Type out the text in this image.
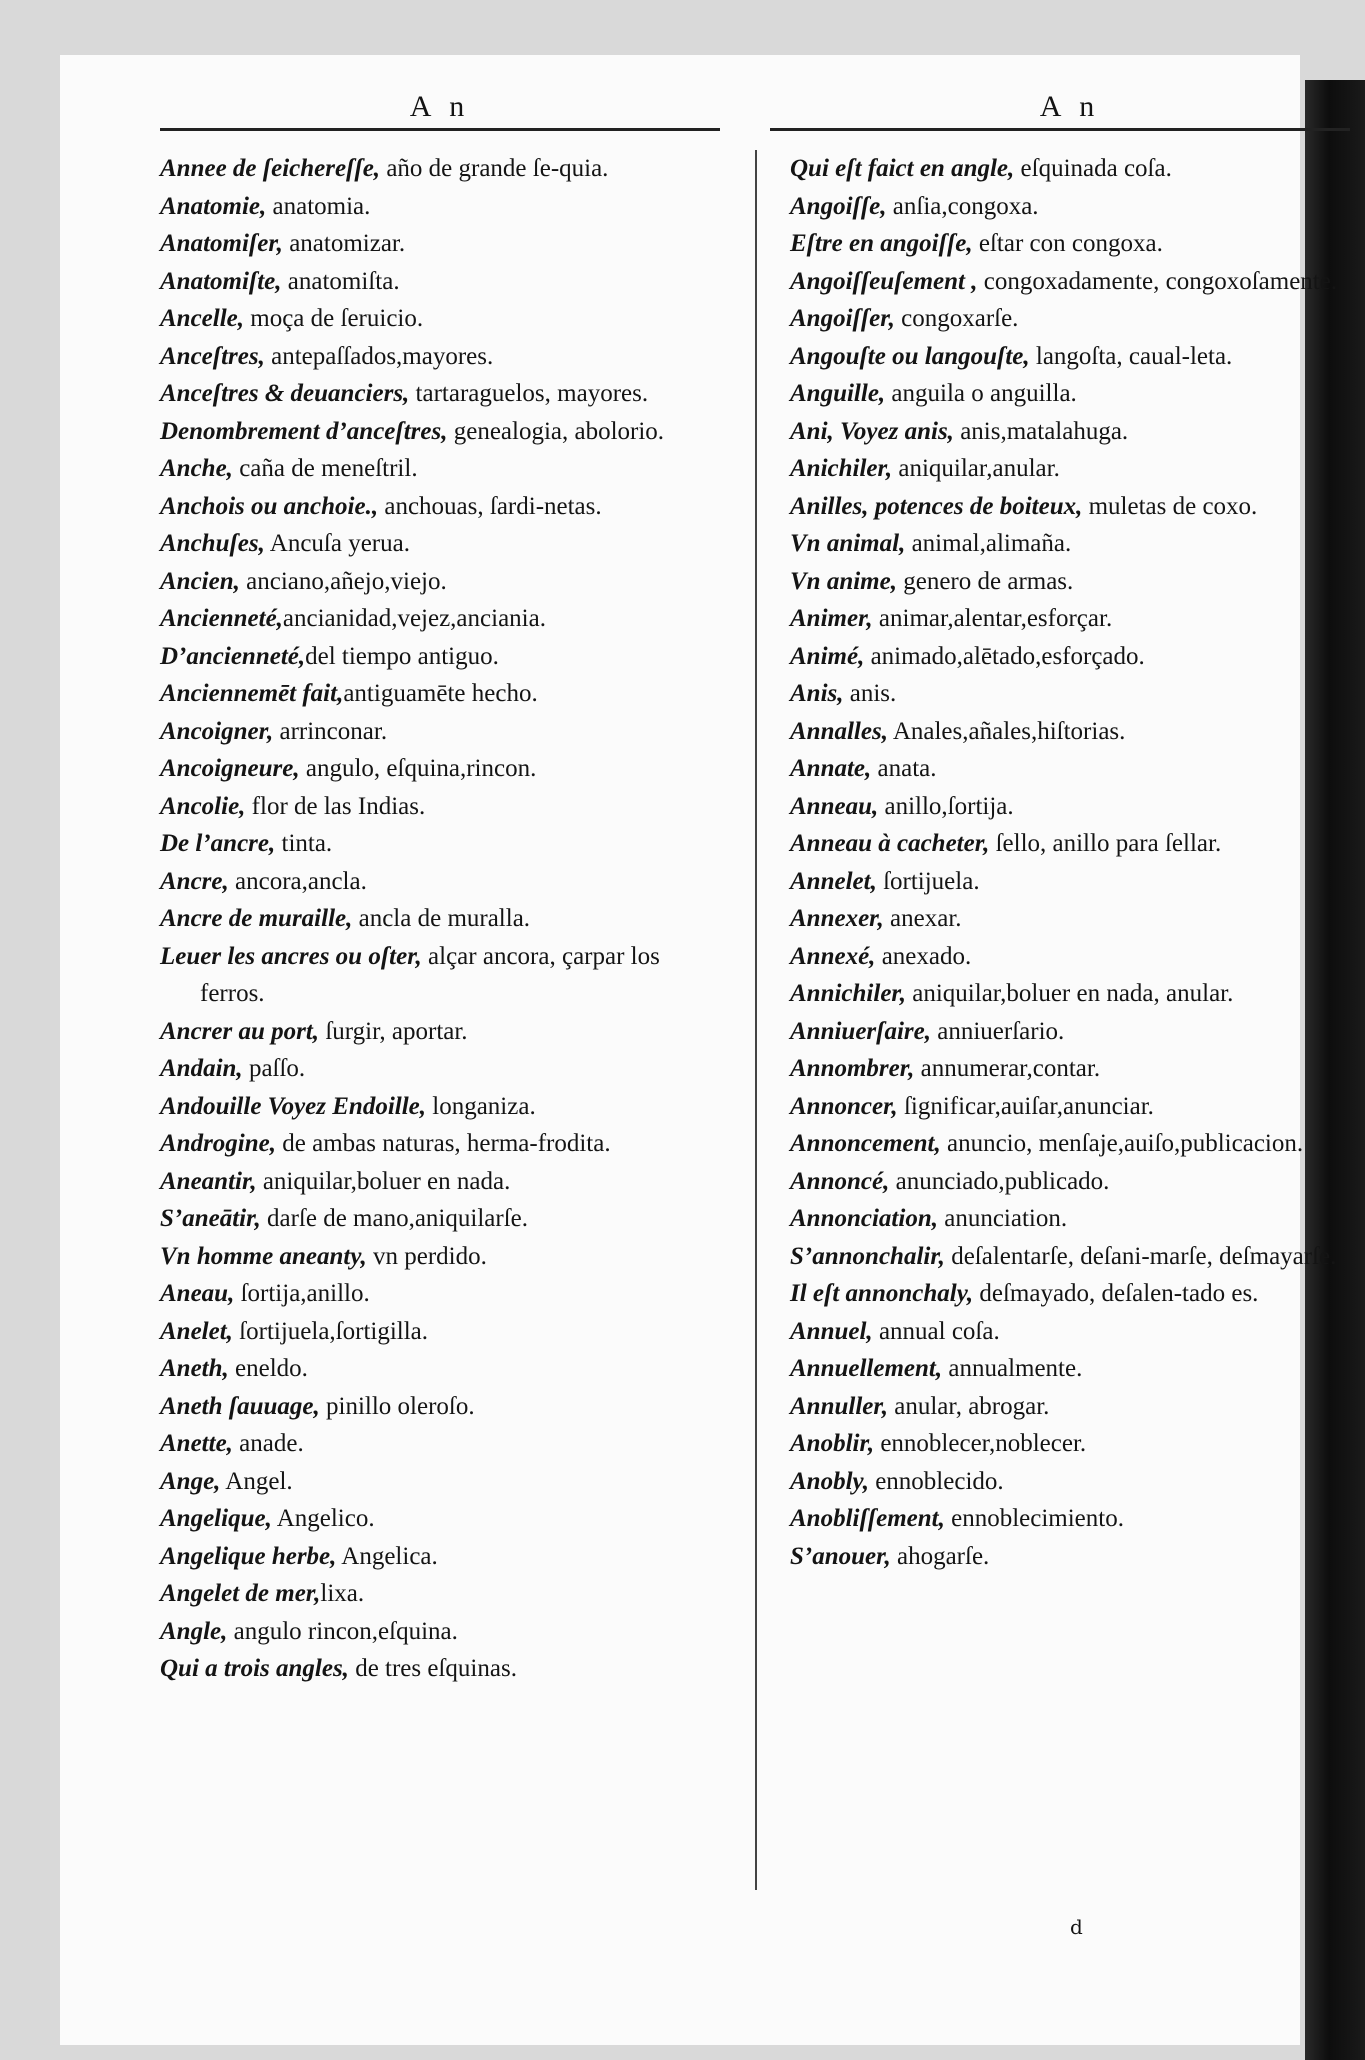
A n
Annee de ſeichereſſe, año de grande ſe-quia.
Anatomie, anatomia.
Anatomiſer, anatomizar.
Anatomiſte, anatomiſta.
Ancelle, moça de ſeruicio.
Anceſtres, antepaſſados,mayores.
Anceſtres & deuanciers, tartaraguelos, mayores.
Denombrement d’anceſtres, genealogia, abolorio.
Anche, caña de meneſtril.
Anchois ou anchoie., anchouas, ſardi-netas.
Anchuſes, Ancuſa yerua.
Ancien, anciano,añejo,viejo.
Ancienneté,ancianidad,vejez,anciania.
D’ancienneté,del tiempo antiguo.
Anciennemēt fait,antiguamēte hecho.
Ancoigner, arrinconar.
Ancoigneure, angulo, eſquina,rincon.
Ancolie, flor de las Indias.
De l’ancre, tinta.
Ancre, ancora,ancla.
Ancre de muraille, ancla de muralla.
Leuer les ancres ou oſter, alçar ancora, çarpar los ferros.
Ancrer au port, ſurgir, aportar.
Andain, paſſo.
Andouille Voyez Endoille, longaniza.
Androgine, de ambas naturas, herma-frodita.
Aneantir, aniquilar,boluer en nada.
S’aneātir, darſe de mano,aniquilarſe.
Vn homme aneanty, vn perdido.
Aneau, ſortija,anillo.
Anelet, ſortijuela,ſortigilla.
Aneth, eneldo.
Aneth ſauuage, pinillo oleroſo.
Anette, anade.
Ange, Angel.
Angelique, Angelico.
Angelique herbe, Angelica.
Angelet de mer,lixa.
Angle, angulo rincon,eſquina.
Qui a trois angles, de tres eſquinas.
A n
Qui eſt faict en angle, eſquinada coſa.
Angoiſſe, anſia,congoxa.
Eſtre en angoiſſe, eſtar con congoxa.
Angoiſſeuſement , congoxadamente, congoxoſamente.
Angoiſſer, congoxarſe.
Angouſte ou langouſte, langoſta, caual-leta.
Anguille, anguila o anguilla.
Ani, Voyez anis, anis,matalahuga.
Anichiler, aniquilar,anular.
Anilles, potences de boiteux, muletas de coxo.
Vn animal, animal,alimaña.
Vn anime, genero de armas.
Animer, animar,alentar,esforçar.
Animé, animado,alētado,esforçado.
Anis, anis.
Annalles, Anales,añales,hiſtorias.
Annate, anata.
Anneau, anillo,ſortija.
Anneau à cacheter, ſello, anillo para ſellar.
Annelet, ſortijuela.
Annexer, anexar.
Annexé, anexado.
Annichiler, aniquilar,boluer en nada, anular.
Anniuerſaire, anniuerſario.
Annombrer, annumerar,contar.
Annoncer, ſignificar,auiſar,anunciar.
Annoncement, anuncio, menſaje,auiſo,publicacion.
Annoncé, anunciado,publicado.
Annonciation, anunciation.
S’annonchalir, deſalentarſe, deſani-marſe, deſmayarſe.
Il eſt annonchaly, deſmayado, deſalen-tado es.
Annuel, annual coſa.
Annuellement, annualmente.
Annuller, anular, abrogar.
Anoblir, ennoblecer,noblecer.
Anobly, ennoblecido.
Anobliſſement, ennoblecimiento.
S’anouer, ahogarſe.
d
